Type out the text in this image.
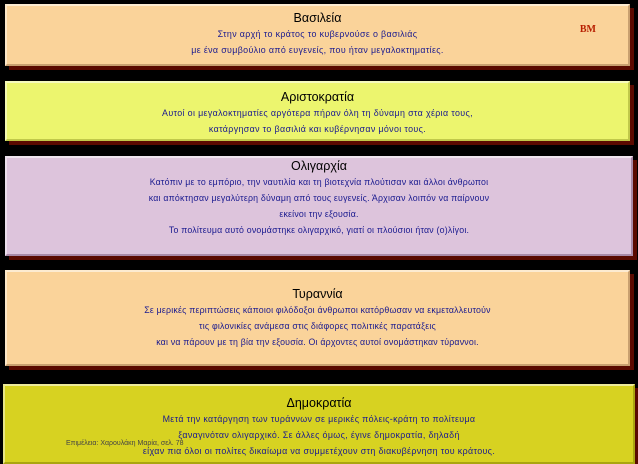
Βασιλεία
Στην αρχή το κράτος το κυβερνούσε ο βασιλιάς
με ένα συμβούλιο από ευγενείς, που ήταν μεγαλοκτηματίες.
BM
Αριστοκρατία
Αυτοί οι μεγαλοκτηματίες αργότερα πήραν όλη τη δύναμη στα χέρια τους,
κατάργησαν το βασιλιά και κυβέρνησαν μόνοι τους.
Ολιγαρχία
Κατόπιν με το εμπόριο, την ναυτιλία και τη βιοτεχνία πλούτισαν και άλλοι άνθρωποι
και απόκτησαν μεγαλύτερη δύναμη από τους ευγενείς. Άρχισαν λοιπόν να παίρνουν
εκείνοι την εξουσία.
Το πολίτευμα αυτό ονομάστηκε ολιγαρχικό, γιατί οι πλούσιοι ήταν (ο)λίγοι.
Τυραννία
Σε μερικές περιπτώσεις κάποιοι φιλόδοξοι άνθρωποι κατόρθωσαν να εκμεταλλευτούν
τις φιλονικίες ανάμεσα στις διάφορες πολιτικές παρατάξεις
και να πάρουν με τη βία την εξουσία. Οι άρχοντες αυτοί ονομάστηκαν τύραννοι.
Δημοκρατία
Μετά την κατάργηση των τυράννων σε μερικές πόλεις-κράτη το πολίτευμα
ξαναγινόταν ολιγαρχικό. Σε άλλες όμως, έγινε δημοκρατία, δηλαδή
είχαν πια όλοι οι πολίτες δικαίωμα να συμμετέχουν στη διακυβέρνηση του κράτους.
Επιμέλεια: Χαρουλάκη Μαρία, σελ. 78
